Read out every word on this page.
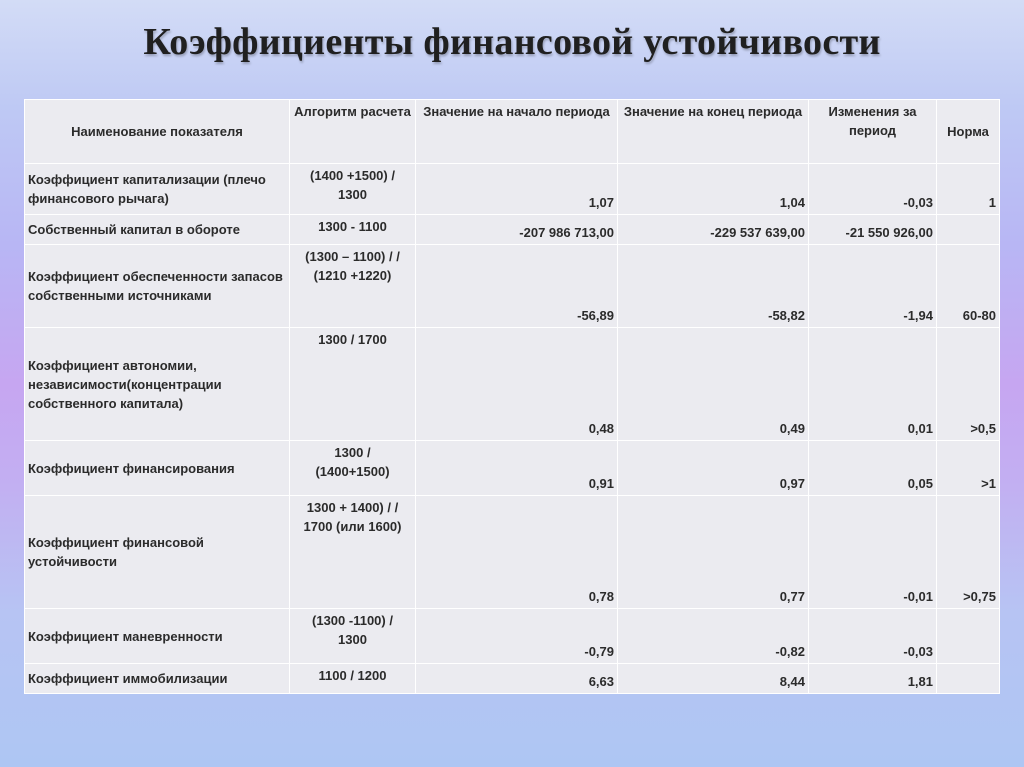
Коэффициенты финансовой устойчивости
Наименование показателя	Алгоритм расчета	Значение на начало периода	Значение на конец периода	Изменения за период	Норма
Коэффициент капитализации (плечо финансового рычага)	(1400 +1500) / 1300	1,07	1,04	-0,03	1
Собственный капитал в обороте	1300 - 1100	-207 986 713,00	-229 537 639,00	-21 550 926,00	
Коэффициент обеспеченности запасов собственными источниками	(1300 – 1100) / / (1210 +1220)	-56,89	-58,82	-1,94	60-80
Коэффициент автономии, независимости(концентрации собственного капитала)	1300 / 1700	0,48	0,49	0,01	>0,5
Коэффициент финансирования	1300 / (1400+1500)	0,91	0,97	0,05	>1
Коэффициент финансовой устойчивости	1300 + 1400) / / 1700 (или 1600)	0,78	0,77	-0,01	>0,75
Коэффициент маневренности	(1300 -1100) / 1300	-0,79	-0,82	-0,03	
Коэффициент иммобилизации	1100 / 1200	6,63	8,44	1,81	
